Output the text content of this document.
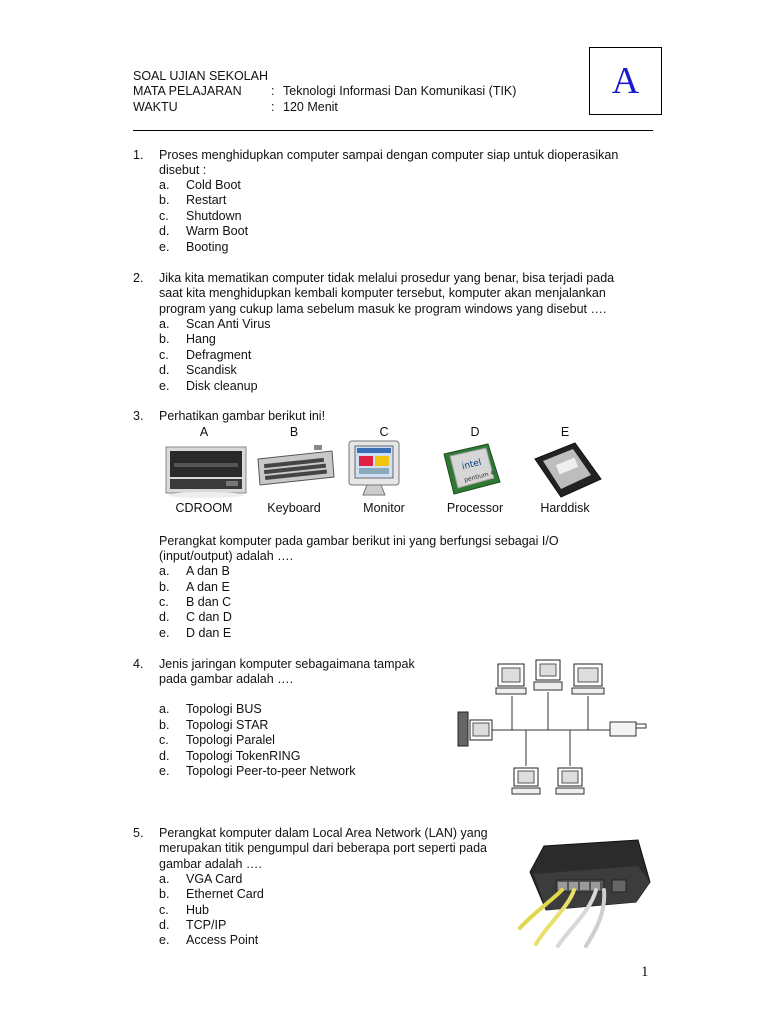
SOAL UJIAN SEKOLAH
MATA PELAJARAN : Teknologi Informasi Dan Komunikasi (TIK)
WAKTU	: 120 Menit
A
1. Proses menghidupkan computer sampai dengan computer siap untuk dioperasikan
disebut :
a. Cold Boot
b. Restart
c. Shutdown
d. Warm Boot
e. Booting
2. Jika kita mematikan computer tidak melalui prosedur yang benar, bisa terjadi pada
saat kita menghidupkan kembali komputer tersebut, komputer akan menjalankan
program yang cukup lama sebelum masuk ke program windows yang disebut ….
a. Scan Anti Virus
b. Hang
c. Defragment
d. Scandisk
e. Disk cleanup
3. Perhatikan gambar berikut ini!
A	B	C	D	E
intel
pentium 4
CDROOM	Keyboard	Monitor	Processor	Harddisk
Perangkat komputer pada gambar berikut ini yang berfungsi sebagai I/O
(input/output) adalah ….
a. A dan B
b. A dan E
c. B dan C
d. C dan D
e. D dan E
4. Jenis jaringan komputer sebagaimana tampak
pada gambar adalah ….
a. Topologi BUS
b. Topologi STAR
c. Topologi Paralel
d. Topologi TokenRING
e. Topologi Peer-to-peer Network
5. Perangkat komputer dalam Local Area Network (LAN) yang
merupakan titik pengumpul dari beberapa port seperti pada
gambar adalah ….
a. VGA Card
b. Ethernet Card
c. Hub
d. TCP/IP
e. Access Point
1
